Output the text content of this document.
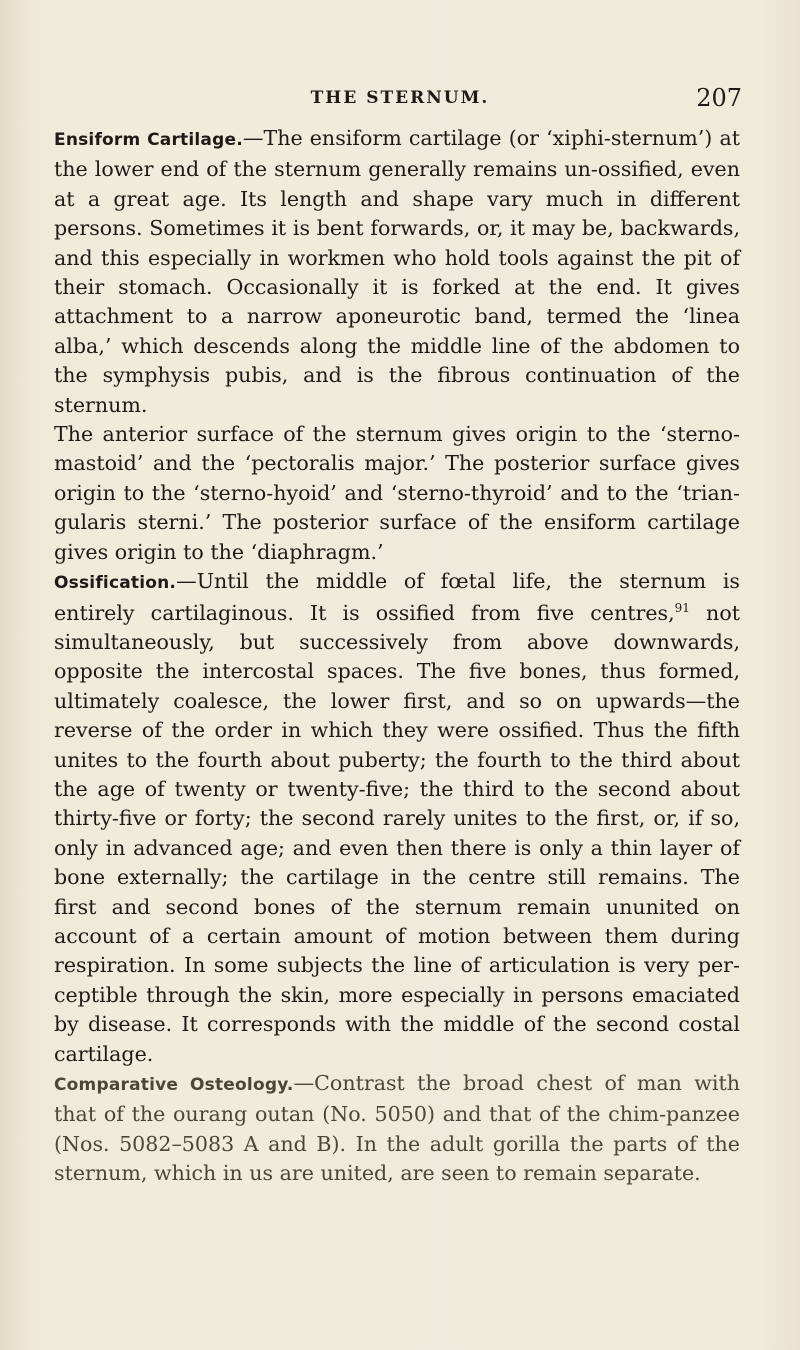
THE STERNUM.	207

Ensiform Cartilage.—The ensiform cartilage (or ‘xiphi-sternum’) at the lower end of the sternum generally remains un-ossified, even at a great age. Its length and shape vary much in different persons. Sometimes it is bent forwards, or, it may be, backwards, and this especially in workmen who hold tools against the pit of their stomach. Occasionally it is forked at the end. It gives attachment to a narrow aponeurotic band, termed the ‘linea alba,’ which descends along the middle line of the abdomen to the symphysis pubis, and is the fibrous continuation of the sternum.

The anterior surface of the sternum gives origin to the ‘sterno-mastoid’ and the ‘pectoralis major.’ The posterior surface gives origin to the ‘sterno-hyoid’ and ‘sterno-thyroid’ and to the ‘trian-gularis sterni.’ The posterior surface of the ensiform cartilage gives origin to the ‘diaphragm.’

Ossification.—Until the middle of fœtal life, the sternum is entirely cartilaginous. It is ossified from five centres,$^{91}$ not simultaneously, but successively from above downwards, opposite the intercostal spaces. The five bones, thus formed, ultimately coalesce, the lower first, and so on upwards—the reverse of the order in which they were ossified. Thus the fifth unites to the fourth about puberty; the fourth to the third about the age of twenty or twenty-five; the third to the second about thirty-five or forty; the second rarely unites to the first, or, if so, only in advanced age; and even then there is only a thin layer of bone externally; the cartilage in the centre still remains. The first and second bones of the sternum remain ununited on account of a certain amount of motion between them during respiration. In some subjects the line of articulation is very per-ceptible through the skin, more especially in persons emaciated by disease. It corresponds with the middle of the second costal cartilage.

Comparative Osteology.—Contrast the broad chest of man with that of the ourang outan (No. 5050) and that of the chim-panzee (Nos. 5082–5083 A and B). In the adult gorilla the parts of the sternum, which in us are united, are seen to remain separate.
